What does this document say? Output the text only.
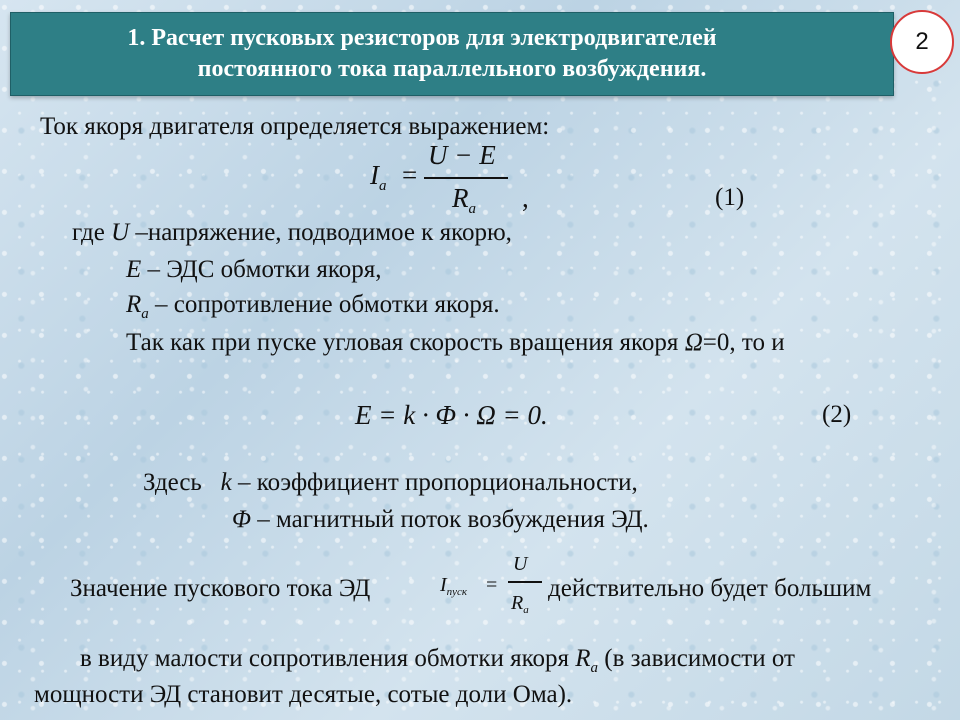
1. Расчет пусковых резисторов для электродвигателей
постоянного тока параллельного возбуждения.
2
Ток якоря двигателя определяется выражением:
$I_a$ =
U − E
$R_a$ ,	(1)
где U –напряжение, подводимое к якорю,
E – ЭДС обмотки якоря,
$R_a$ – сопротивление обмотки якоря.
Так как при пуске угловая скорость вращения якоря Ω=0, то и
E = k · Φ · Ω = 0.	(2)
Здесь k – коэффициент пропорциональности,
Φ – магнитный поток возбуждения ЭД.
Значение пускового тока ЭД	$I_{пуск}$ =
U
$R_a$
действительно будет большим
в виду малости сопротивления обмотки якоря $R_a$ (в зависимости от
мощности ЭД становит десятые, сотые доли Ома).
